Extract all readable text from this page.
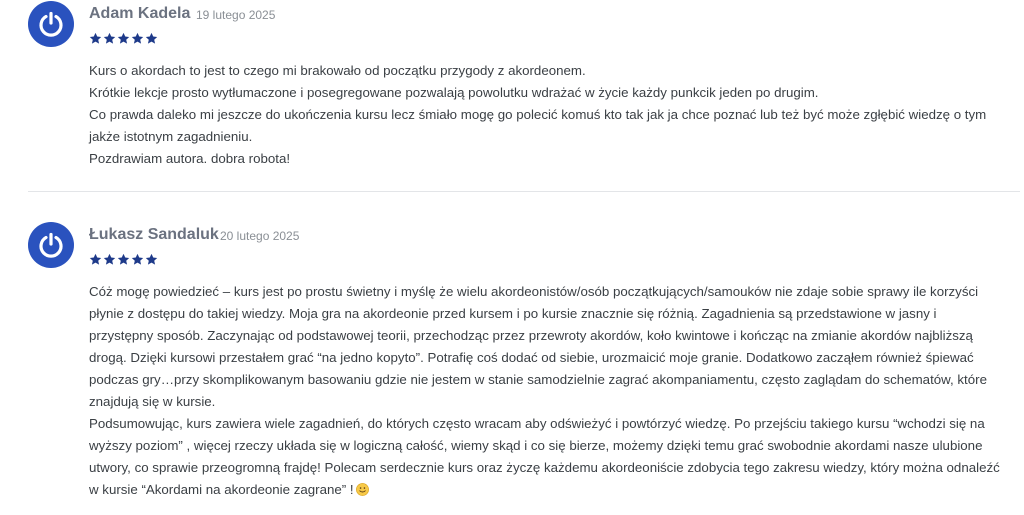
Adam Kadela 19 lutego 2025

Kurs o akordach to jest to czego mi brakowało od początku przygody z akordeonem.

Krótkie lekcje prosto wytłumaczone i posegregowane pozwalają powolutku wdrażać w życie każdy punkcik jeden po drugim.

Co prawda daleko mi jeszcze do ukończenia kursu lecz śmiało mogę go polecić komuś kto tak jak ja chce poznać lub też być może zgłębić wiedzę o tym jakże istotnym zagadnieniu.

Pozdrawiam autora. dobra robota!

Łukasz Sandaluk 20 lutego 2025

Cóż mogę powiedzieć – kurs jest po prostu świetny i myślę że wielu akordeonistów/osób początkujących/samouków nie zdaje sobie sprawy ile korzyści płynie z dostępu do takiej wiedzy. Moja gra na akordeonie przed kursem i po kursie znacznie się różnią. Zagadnienia są przedstawione w jasny i przystępny sposób. Zaczynając od podstawowej teorii, przechodząc przez przewroty akordów, koło kwintowe i kończąc na zmianie akordów najbliższą drogą. Dzięki kursowi przestałem grać “na jedno kopyto”. Potrafię coś dodać od siebie, urozmaicić moje granie. Dodatkowo zacząłem również śpiewać podczas gry…przy skomplikowanym basowaniu gdzie nie jestem w stanie samodzielnie zagrać akompaniamentu, często zaglądam do schematów, które znajdują się w kursie.

Podsumowując, kurs zawiera wiele zagadnień, do których często wracam aby odświeżyć i powtórzyć wiedzę. Po przejściu takiego kursu “wchodzi się na wyższy poziom” , więcej rzeczy układa się w logiczną całość, wiemy skąd i co się bierze, możemy dzięki temu grać swobodnie akordami nasze ulubione utwory, co sprawie przeogromną frajdę! Polecam serdecznie kurs oraz życzę każdemu akordeoniście zdobycia tego zakresu wiedzy, który można odnaleźć w kursie “Akordami na akordeonie zagrane” !
